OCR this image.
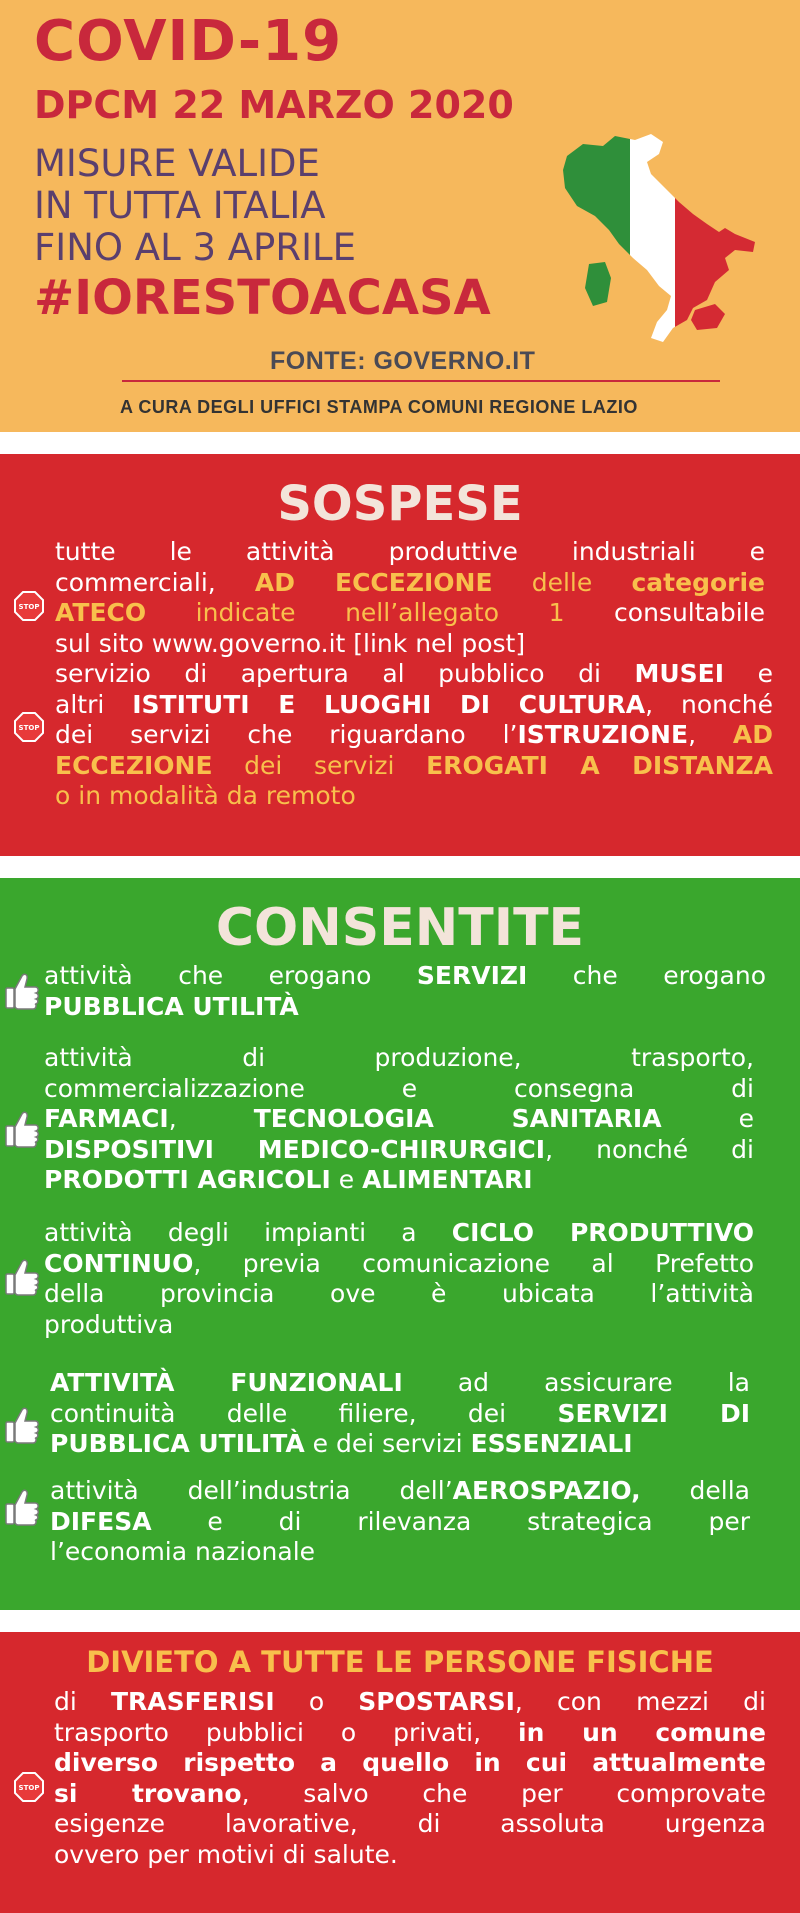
COVID-19
DPCM 22 MARZO 2020
MISURE VALIDE
IN TUTTA ITALIA
FINO AL 3 APRILE
#IORESTOACASA
FONTE: GOVERNO.IT
A CURA DEGLI UFFICI STAMPA COMUNI REGIONE LAZIO
SOSPESE
tutte le attività produttive industriali e
commerciali, AD ECCEZIONE delle categorie
ATECO indicate nell’allegato 1 consultabile
sul sito www.governo.it [link nel post]
STOP
servizio di apertura al pubblico di MUSEI e
altri ISTITUTI E LUOGHI DI CULTURA, nonché
dei servizi che riguardano l’ISTRUZIONE, AD
ECCEZIONE dei servizi EROGATI A DISTANZA
o in modalità da remoto
STOP
CONSENTITE
attività che erogano SERVIZI che erogano
PUBBLICA UTILITÀ
attività di produzione, trasporto,
commercializzazione e consegna di
FARMACI, TECNOLOGIA SANITARIA e
DISPOSITIVI MEDICO-CHIRURGICI, nonché di
PRODOTTI AGRICOLI e ALIMENTARI
attività degli impianti a CICLO PRODUTTIVO
CONTINUO, previa comunicazione al Prefetto
della provincia ove è ubicata l’attività
produttiva
ATTIVITÀ FUNZIONALI ad assicurare la
continuità delle filiere, dei SERVIZI DI
PUBBLICA UTILITÀ e dei servizi ESSENZIALI
attività dell’industria dell’AEROSPAZIO, della
DIFESA e di rilevanza strategica per
l’economia nazionale
DIVIETO A TUTTE LE PERSONE FISICHE
di TRASFERISI o SPOSTARSI, con mezzi di
trasporto pubblici o privati, in un comune
diverso rispetto a quello in cui attualmente
si trovano, salvo che per comprovate
esigenze lavorative, di assoluta urgenza
ovvero per motivi di salute.
STOP
